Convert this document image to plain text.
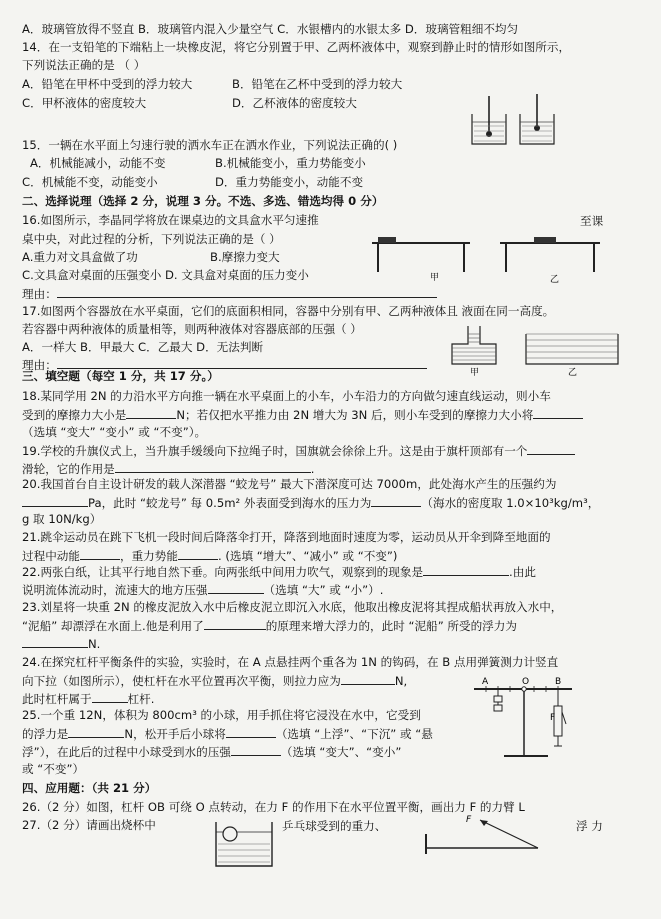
A．玻璃管放得不竖直 B．玻璃管内混入少量空气 C．水银槽内的水银太多 D．玻璃管粗细不均匀
14．在一支铅笔的下端粘上一块橡皮泥，将它分别置于甲、乙两杯液体中，观察到静止时的情形如图所示，
下列说法正确的是 （ ）
A．铅笔在甲杯中受到的浮力较大	B．铅笔在乙杯中受到的浮力较大
C．甲杯液体的密度较大	D．乙杯液体的密度较大
15．一辆在水平面上匀速行驶的洒水车正在洒水作业，下列说法正确的( )
A．机械能减小，动能不变	B.机械能变小，重力势能变小
C．机械能不变，动能变小	D．重力势能变小，动能不变
二、选择说理（选择 2 分，说理 3 分。不选、多选、错选均得 0 分）
16.如图所示，李晶同学将放在课桌边的文具盒水平匀速推	至课
桌中央，对此过程的分析，下列说法正确的是（ ）
A.重力对文具盒做了功	B.摩擦力变大
C.文具盒对桌面的压强变小 D. 文具盒对桌面的压力变小
理由：
甲	乙
17.如图两个容器放在水平桌面，它们的底面积相同，容器中分别有甲、乙两种液体且 液面在同一高度。
若容器中两种液体的质量相等，则两种液体对容器底部的压强（ ）
A．一样大 B．甲最大 C．乙最大 D．无法判断
理由：
甲	乙
三、填空题（每空 1 分，共 17 分。）
18.某同学用 2N 的力沿水平方向推一辆在水平桌面上的小车，小车沿力的方向做匀速直线运动，则小车
受到的摩擦力大小是	N；若仅把水平推力由 2N 增大为 3N 后，则小车受到的摩擦力大小将
（选填 “变大” “变小” 或 “不变”）。
19.学校的升旗仪式上，当升旗手缓缓向下拉绳子时，国旗就会徐徐上升。这是由于旗杆顶部有一个
滑轮，它的作用是	.
20.我国首台自主设计研发的载人深潜器 “蛟龙号” 最大下潜深度可达 7000m，此处海水产生的压强约为
Pa，此时 “蛟龙号” 每 0.5m² 外表面受到海水的压力为	（海水的密度取 1.0×10³kg/m³，
g 取 10N/kg）
21.跳伞运动员在跳下飞机一段时间后降落伞打开，降落到地面时速度为零，运动员从开伞到降至地面的
过程中动能	，重力势能	. (选填 “增大”、“减小” 或 “不变”)
22.两张白纸，让其平行地自然下垂。向两张纸中间用力吹气，观察到的现象是	.由此
说明流体流动时，流速大的地方压强	（选填 “大” 或 “小”）.
23.刘星将一块重 2N 的橡皮泥放入水中后橡皮泥立即沉入水底，他取出橡皮泥将其捏成船状再放入水中，
“泥船” 却漂浮在水面上.他是利用了	的原理来增大浮力的，此时 “泥船” 所受的浮力为
N.
24.在探究杠杆平衡条件的实验，实验时，在 A 点悬挂两个重各为 1N 的钩码，在 B 点用弹簧测力计竖直
向下拉（如图所示），使杠杆在水平位置再次平衡，则拉力应为	N,
此时杠杆属于	杠杆.
A	O	B
F
25.一个重 12N，体积为 800cm³ 的小球，用手抓住将它浸没在水中，它受到
的浮力是	N，松开手后小球将	（选填 “上浮”、“下沉” 或 “悬
浮”），在此后的过程中小球受到水的压强	（选填 “变大”、“变小”
或 “不变”）
四、应用题：（共 21 分）
26.（2 分）如图，杠杆 OB 可绕 O 点转动，在力 F 的作用下在水平位置平衡，画出力 F 的力臂 L
27.（2 分）请画出烧杯中	乒乓球受到的重力、	浮 力
F
